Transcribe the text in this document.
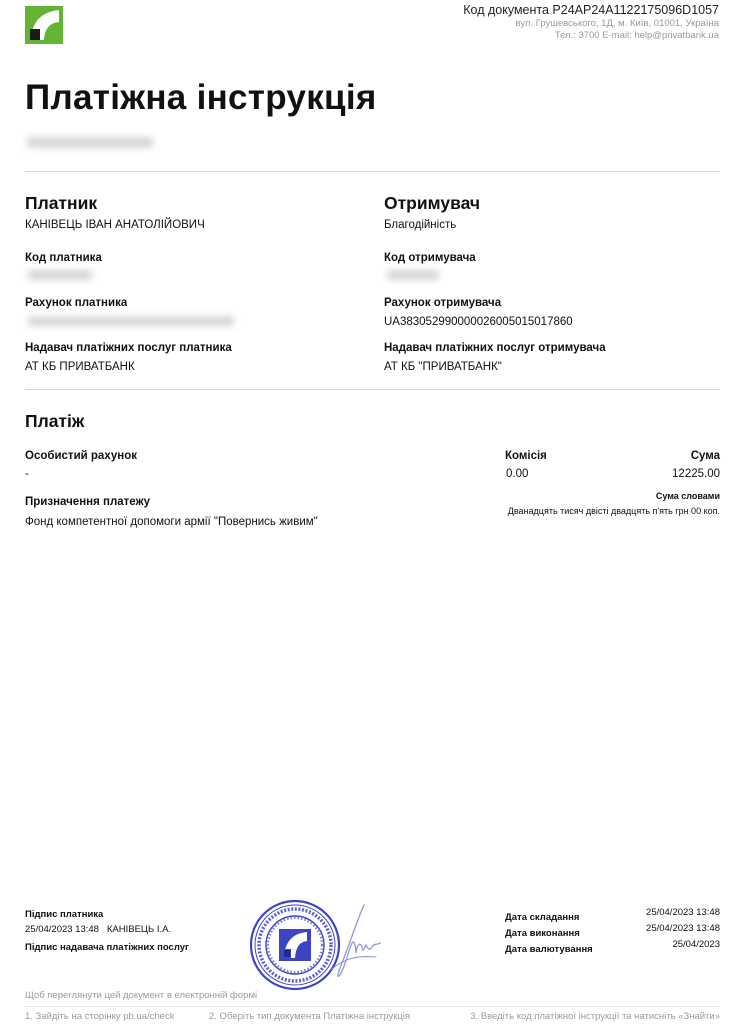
Код документа P24AP24A1122175096D1057
вул. Грушевського, 1Д, м. Київ, 01001, Україна
Тел.: 3700 E-mail: help@privatbank.ua
Платіжна інструкція
Платник
КАНІВЕЦЬ ІВАН АНАТОЛІЙОВИЧ
Код платника
Рахунок платника
Надавач платіжних послуг платника
АТ КБ ПРИВАТБАНК
Отримувач
Благодійність
Код отримувача
Рахунок отримувача
UA383052990000026005015017860
Надавач платіжних послуг отримувача
АТ КБ "ПРИВАТБАНК"
Платіж
Особистий рахунок
-
Призначення платежу
Фонд компетентної допомоги армії "Повернись живим"
Комісія
0.00
Сума
12225.00
Сума словами
Дванадцять тисяч двісті двадцять п'ять грн 00 коп.
Підпис платника
25/04/2023 13:48 КАНІВЕЦЬ І.А.
Підпис надавача платіжних послуг
Дата складання	25/04/2023 13:48
Дата виконання	25/04/2023 13:48
Дата валютування	25/04/2023
Щоб переглянути цей документ в електронній формі
1. Зайдіть на сторінку pb.ua/check	2. Оберіть тип документа Платіжна інструкція	3. Введіть код платіжної інструкції та натисніть «Знайти»
